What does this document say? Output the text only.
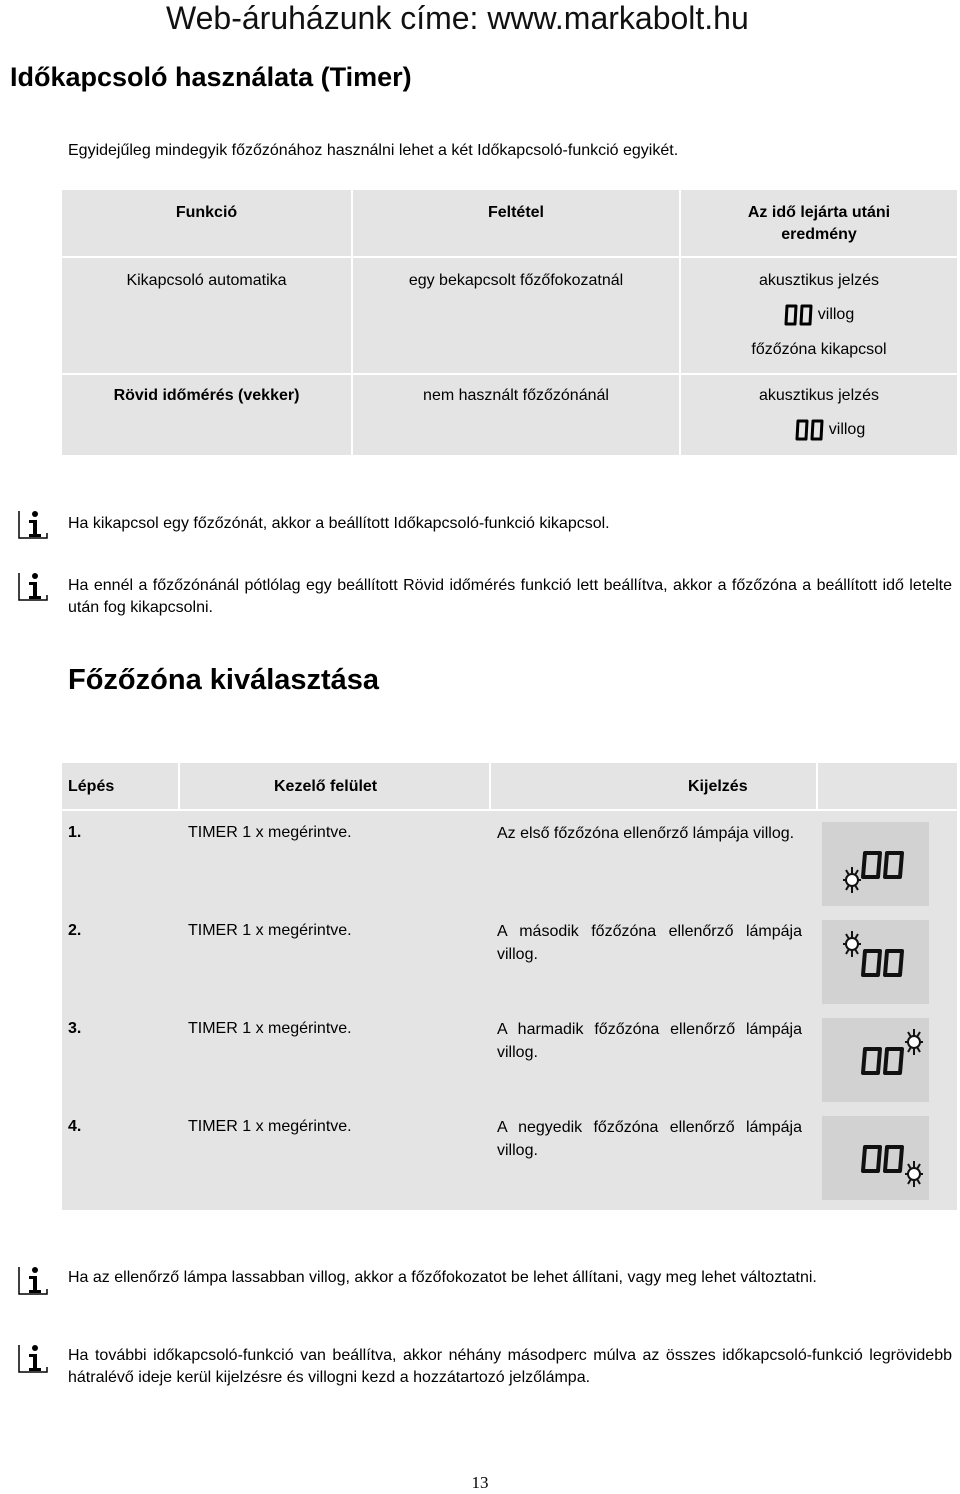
Web-áruházunk címe: www.markabolt.hu
Időkapcsoló használata (Timer)
Egyidejűleg mindegyik főzőzónához használni lehet a két Időkapcsoló-funkció egyikét.
Funkció	Feltétel	Az idő lejárta utáni eredmény
Kikapcsoló automatika	egy bekapcsolt főzőfokozatnál	akusztikus jelzés
villog
főzőzóna kikapcsol
Rövid időmérés (vekker)	nem használt főzőzónánál	akusztikus jelzés
villog
Ha kikapcsol egy főzőzónát, akkor a beállított Időkapcsoló-funkció kikapcsol.
Ha ennél a főzőzónánál pótlólag egy beállított Rövid időmérés funkció lett beállítva, akkor a főzőzóna a beállított idő letelte után fog kikapcsolni.
Főzőzóna kiválasztása
Lépés	Kezelő felület	Kijelzés
1.	TIMER 1 x megérintve.	Az első főzőzóna ellenőrző lámpája villog.
2.	TIMER 1 x megérintve.	A második főzőzóna ellenőrző lámpája villog.
3.	TIMER 1 x megérintve.	A harmadik főzőzóna ellenőrző lámpája villog.
4.	TIMER 1 x megérintve.	A negyedik főzőzóna ellenőrző lámpája villog.
Ha az ellenőrző lámpa lassabban villog, akkor a főzőfokozatot be lehet állítani, vagy meg lehet változtatni.
Ha további időkapcsoló-funkció van beállítva, akkor néhány másodperc múlva az összes időkapcsoló-funkció legrövidebb hátralévő ideje kerül kijelzésre és villogni kezd a hozzátartozó jelzőlámpa.
13
